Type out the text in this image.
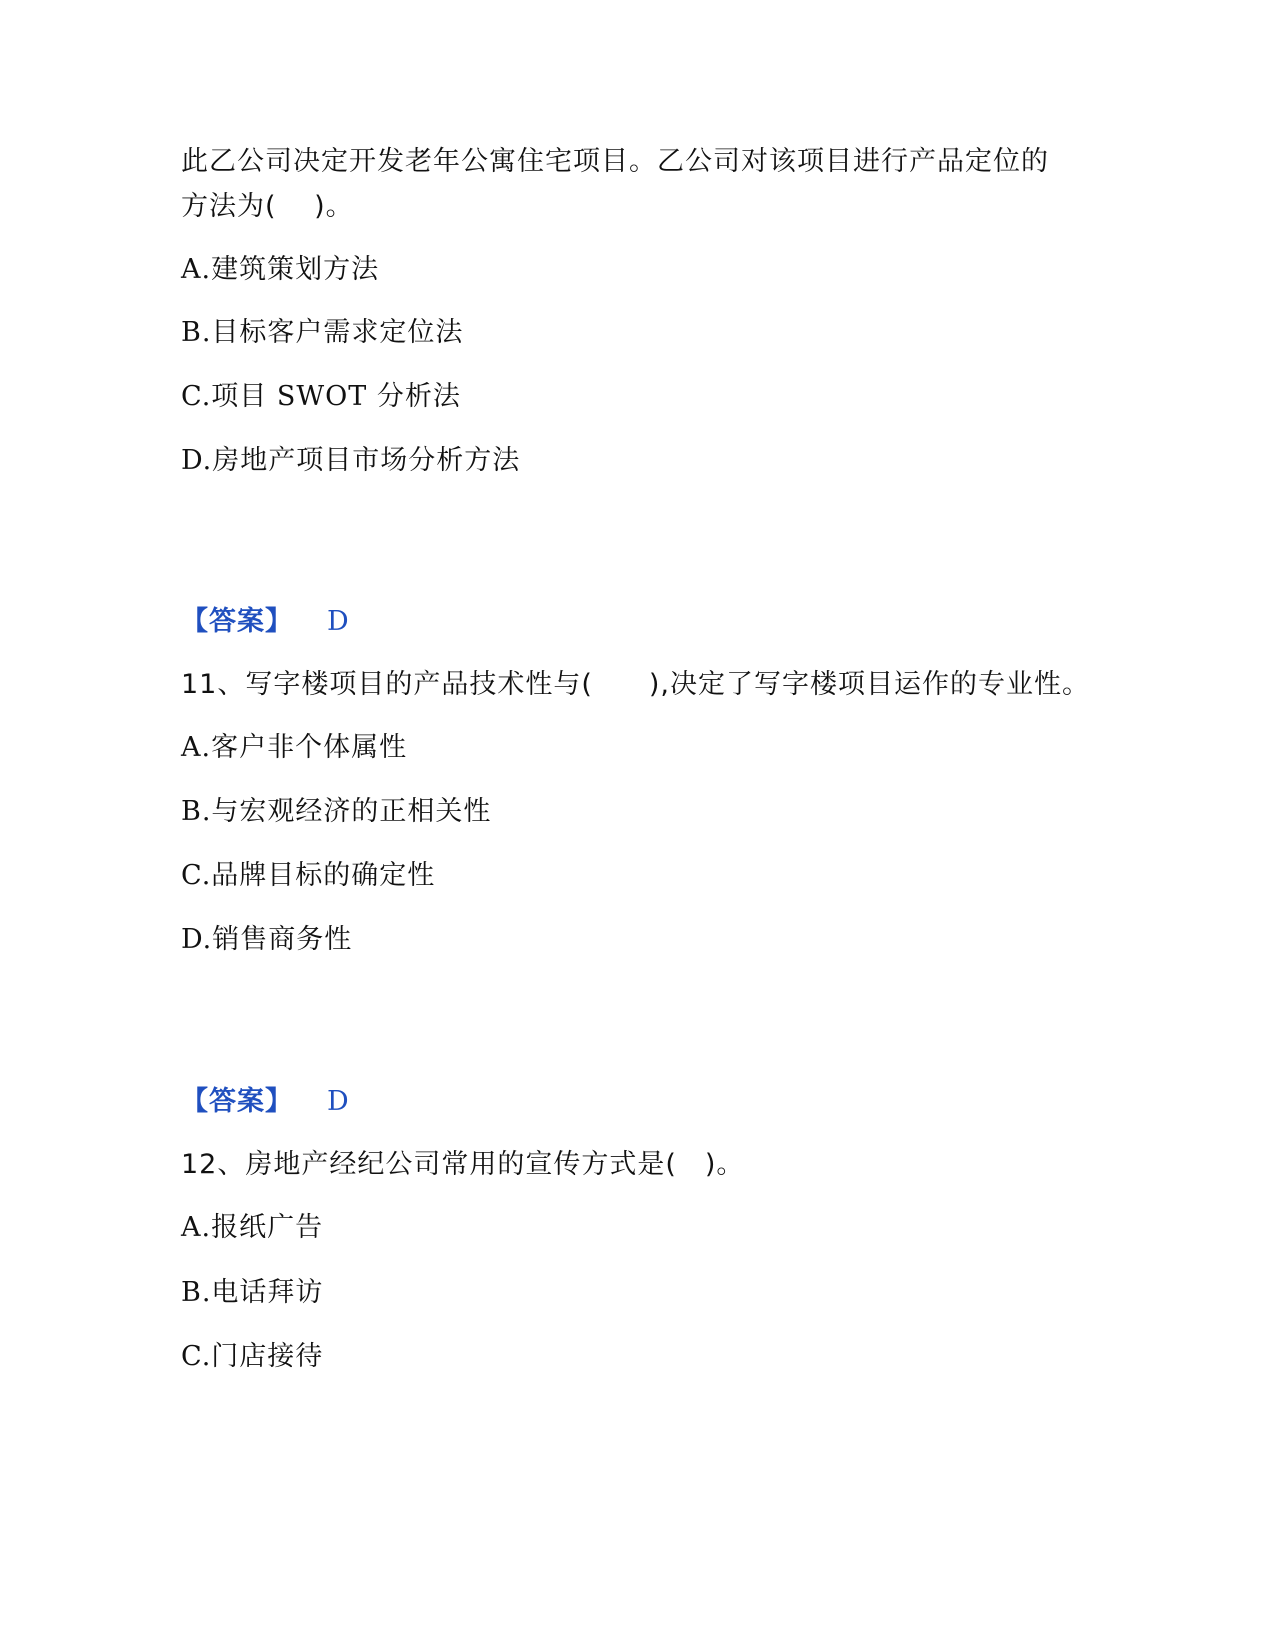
此乙公司决定开发老年公寓住宅项目。乙公司对该项目进行产品定位的
方法为(　 )。
A.建筑策划方法
B.目标客户需求定位法
C.项目 SWOT 分析法
D.房地产项目市场分析方法
【答案】 D
11、写字楼项目的产品技术性与(　　),决定了写字楼项目运作的专业性。
A.客户非个体属性
B.与宏观经济的正相关性
C.品牌目标的确定性
D.销售商务性
【答案】 D
12、房地产经纪公司常用的宣传方式是(　)。
A.报纸广告
B.电话拜访
C.门店接待
